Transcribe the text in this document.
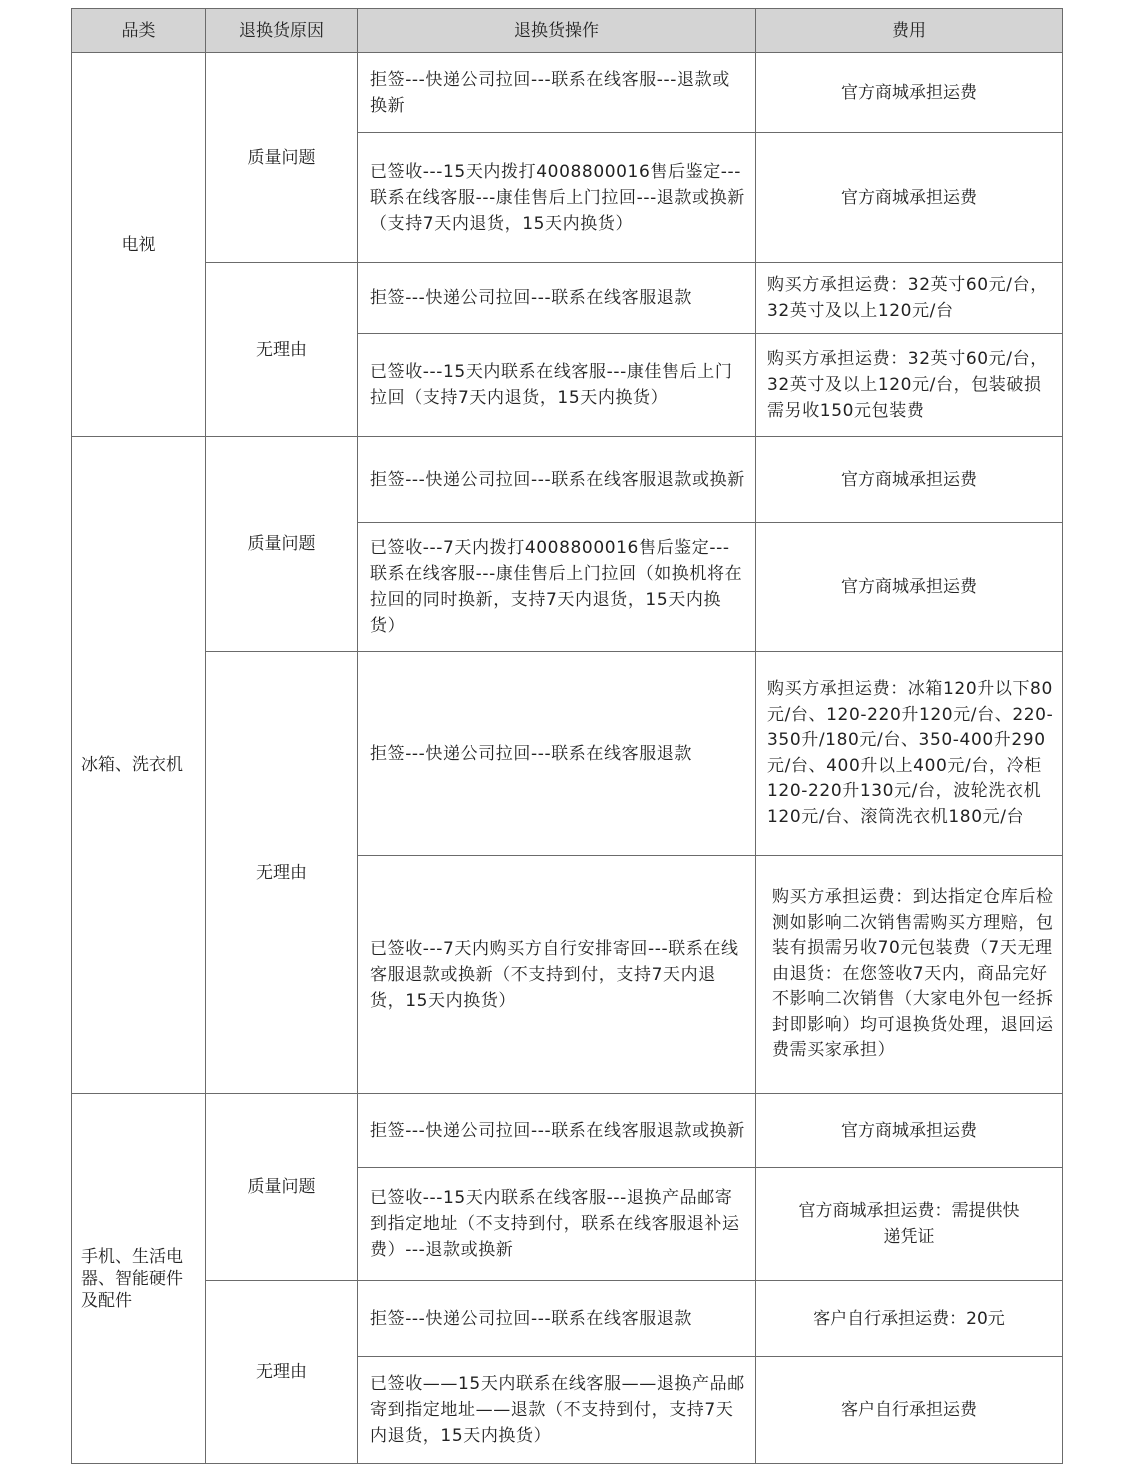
品类	退换货原因	退换货操作	费用
电视	质量问题	拒签---快递公司拉回---联系在线客服---退款或换新	官方商城承担运费
		已签收---15天内拨打4008800016售后鉴定---联系在线客服---康佳售后上门拉回---退款或换新（支持7天内退货，15天内换货）	官方商城承担运费
	无理由	拒签---快递公司拉回---联系在线客服退款	购买方承担运费：32英寸60元/台，32英寸及以上120元/台
		已签收---15天内联系在线客服---康佳售后上门拉回（支持7天内退货，15天内换货）	购买方承担运费：32英寸60元/台，32英寸及以上120元/台，包装破损需另收150元包装费
冰箱、洗衣机	质量问题	拒签---快递公司拉回---联系在线客服退款或换新	官方商城承担运费
		已签收---7天内拨打4008800016售后鉴定---联系在线客服---康佳售后上门拉回（如换机将在拉回的同时换新，支持7天内退货，15天内换货）	官方商城承担运费
	无理由	拒签---快递公司拉回---联系在线客服退款	购买方承担运费：冰箱120升以下80元/台、120-220升120元/台、220-350升/180元/台、350-400升290元/台、400升以上400元/台，冷柜120-220升130元/台，波轮洗衣机120元/台、滚筒洗衣机180元/台
		已签收---7天内购买方自行安排寄回---联系在线客服退款或换新（不支持到付，支持7天内退货，15天内换货）	购买方承担运费：到达指定仓库后检测如影响二次销售需购买方理赔，包装有损需另收70元包装费（7天无理由退货：在您签收7天内，商品完好不影响二次销售（大家电外包一经拆封即影响）均可退换货处理，退回运费需买家承担）
手机、生活电器、智能硬件及配件	质量问题	拒签---快递公司拉回---联系在线客服退款或换新	官方商城承担运费
		已签收---15天内联系在线客服---退换产品邮寄到指定地址（不支持到付，联系在线客服退补运费）---退款或换新	官方商城承担运费：需提供快递凭证
	无理由	拒签---快递公司拉回---联系在线客服退款	客户自行承担运费：20元
		已签收——15天内联系在线客服——退换产品邮寄到指定地址——退款（不支持到付，支持7天内退货，15天内换货）	客户自行承担运费
